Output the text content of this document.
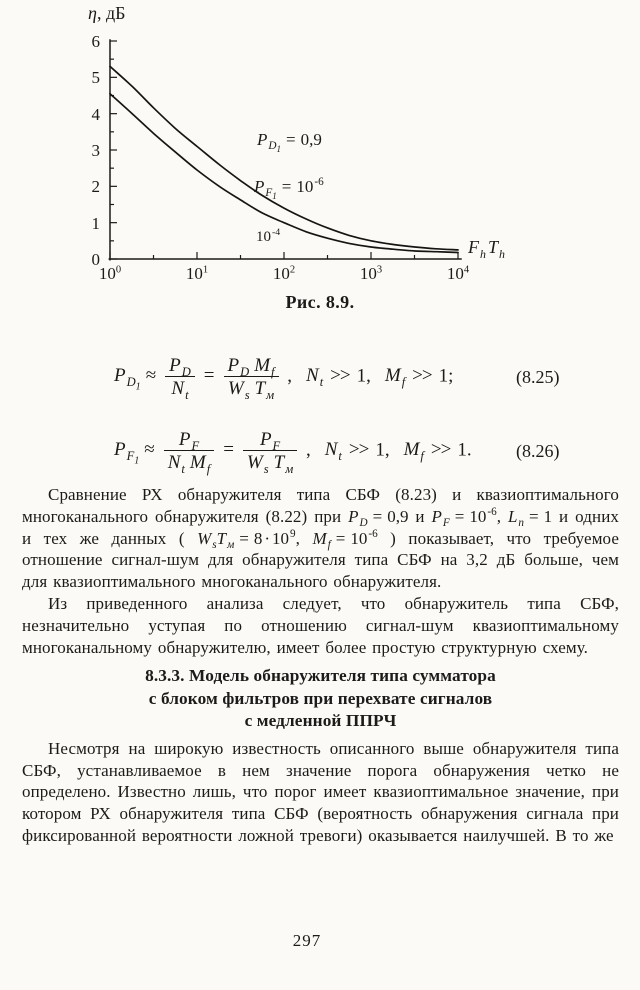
$10^0$	$10^1$	$10^2$	$10^3$	$10^4$
0
1
2
3
4
5
6
η, дБ
$F_h$ $T_h$
$P_{D_1}= 0,9$
$P_{F_1}= 10^{-6}$
$10^{-4}$
Рис. 8.9.
$P_{D_1}\approx \frac{P_D}{N_t} = \frac{P_D M_f}{W_s T_м}$ , $N_t >> 1$, $M_f >> 1$;	(8.25)
$P_{F_1}\approx \frac{P_F}{N_t M_f} = \frac{P_F}{W_s T_м}$ , $N_t >> 1$, $M_f >> 1$. (8.26)

Сравнение РХ обнаружителя типа СБФ (8.23) и квазиоптимального многоканального обнаружителя (8.22) при $P_D = 0,9$ и $P_F = 10^{-6}$, $L_п = 1$ и одних и тех же данных ( $W_sT_м = 8 \cdot 10^9$, $M_f = 10^{-6}$ ) показывает, что требуемое отношение сигнал-шум для обнаружителя типа СБФ на 3,2 дБ больше, чем для квазиоптимального многоканального обнаружителя.

Из приведенного анализа следует, что обнаружитель типа СБФ, незначительно уступая по отношению сигнал-шум квазиоптимальному многоканальному обнаружителю, имеет более простую структурную схему.

8.3.3. Модель обнаружителя типа сумматора
с блоком фильтров при перехвате сигналов
с медленной ППРЧ

Несмотря на широкую известность описанного выше обнаружителя типа СБФ, устанавливаемое в нем значение порога обнаружения четко не определено. Известно лишь, что порог имеет квазиоптимальное значение, при котором РХ обнаружителя типа СБФ (вероятность обнаружения сигнала при фиксированной вероятности ложной тревоги) оказывается наилучшей. В то же

297
